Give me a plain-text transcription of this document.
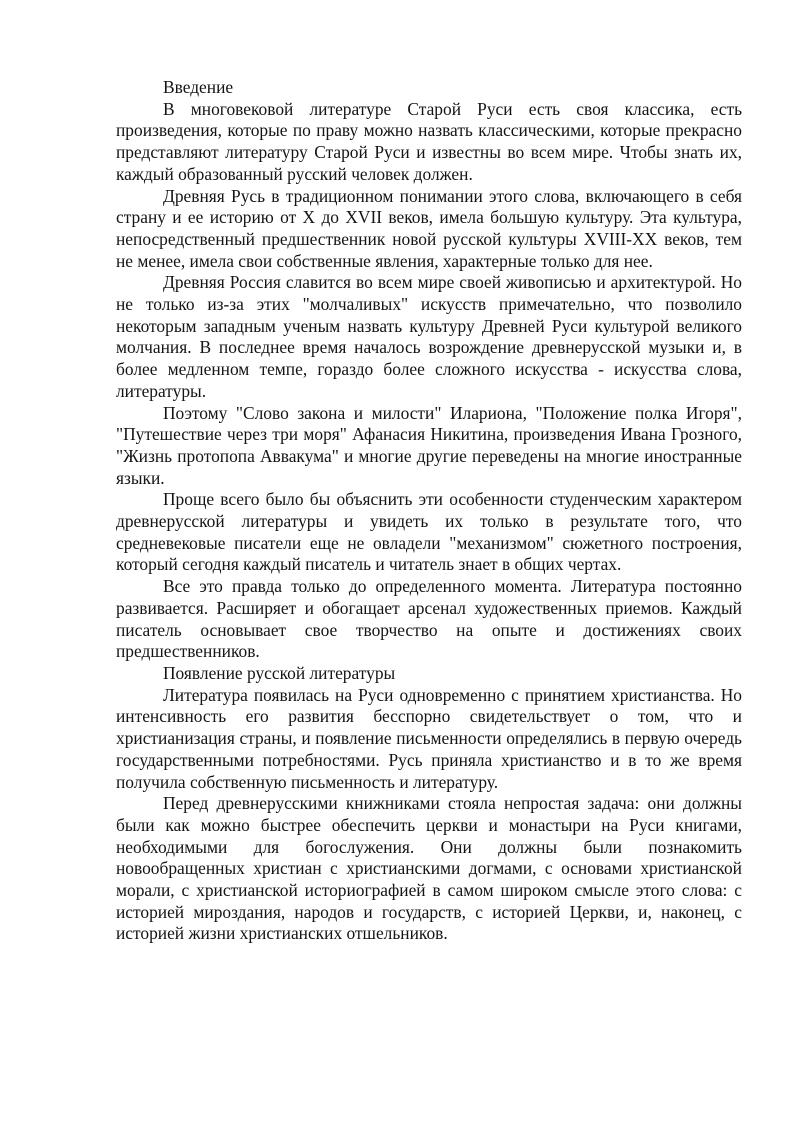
Введение

В многовековой литературе Старой Руси есть своя классика, есть произведения, которые по праву можно назвать классическими, которые прекрасно представляют литературу Старой Руси и известны во всем мире. Чтобы знать их, каждый образованный русский человек должен.

Древняя Русь в традиционном понимании этого слова, включающего в себя страну и ее историю от X до XVII веков, имела большую культуру. Эта культура, непосредственный предшественник новой русской культуры XVIII-XX веков, тем не менее, имела свои собственные явления, характерные только для нее.

Древняя Россия славится во всем мире своей живописью и архитектурой. Но не только из-за этих "молчаливых" искусств примечательно, что позволило некоторым западным ученым назвать культуру Древней Руси культурой великого молчания. В последнее время началось возрождение древнерусской музыки и, в более медленном темпе, гораздо более сложного искусства - искусства слова, литературы.

Поэтому "Слово закона и милости" Илариона, "Положение полка Игоря", "Путешествие через три моря" Афанасия Никитина, произведения Ивана Грозного, "Жизнь протопопа Аввакума" и многие другие переведены на многие иностранные языки.

Проще всего было бы объяснить эти особенности студенческим характером древнерусской литературы и увидеть их только в результате того, что средневековые писатели еще не овладели "механизмом" сюжетного построения, который сегодня каждый писатель и читатель знает в общих чертах.

Все это правда только до определенного момента. Литература постоянно развивается. Расширяет и обогащает арсенал художественных приемов. Каждый писатель основывает свое творчество на опыте и достижениях своих предшественников.

Появление русской литературы

Литература появилась на Руси одновременно с принятием христианства. Но интенсивность его развития бесспорно свидетельствует о том, что и христианизация страны, и появление письменности определялись в первую очередь государственными потребностями. Русь приняла христианство и в то же время получила собственную письменность и литературу.

Перед древнерусскими книжниками стояла непростая задача: они должны были как можно быстрее обеспечить церкви и монастыри на Руси книгами, необходимыми для богослужения. Они должны были познакомить новообращенных христиан с христианскими догмами, с основами христианской морали, с христианской историографией в самом широком смысле этого слова: с историей мироздания, народов и государств, с историей Церкви, и, наконец, с историей жизни христианских отшельников.
